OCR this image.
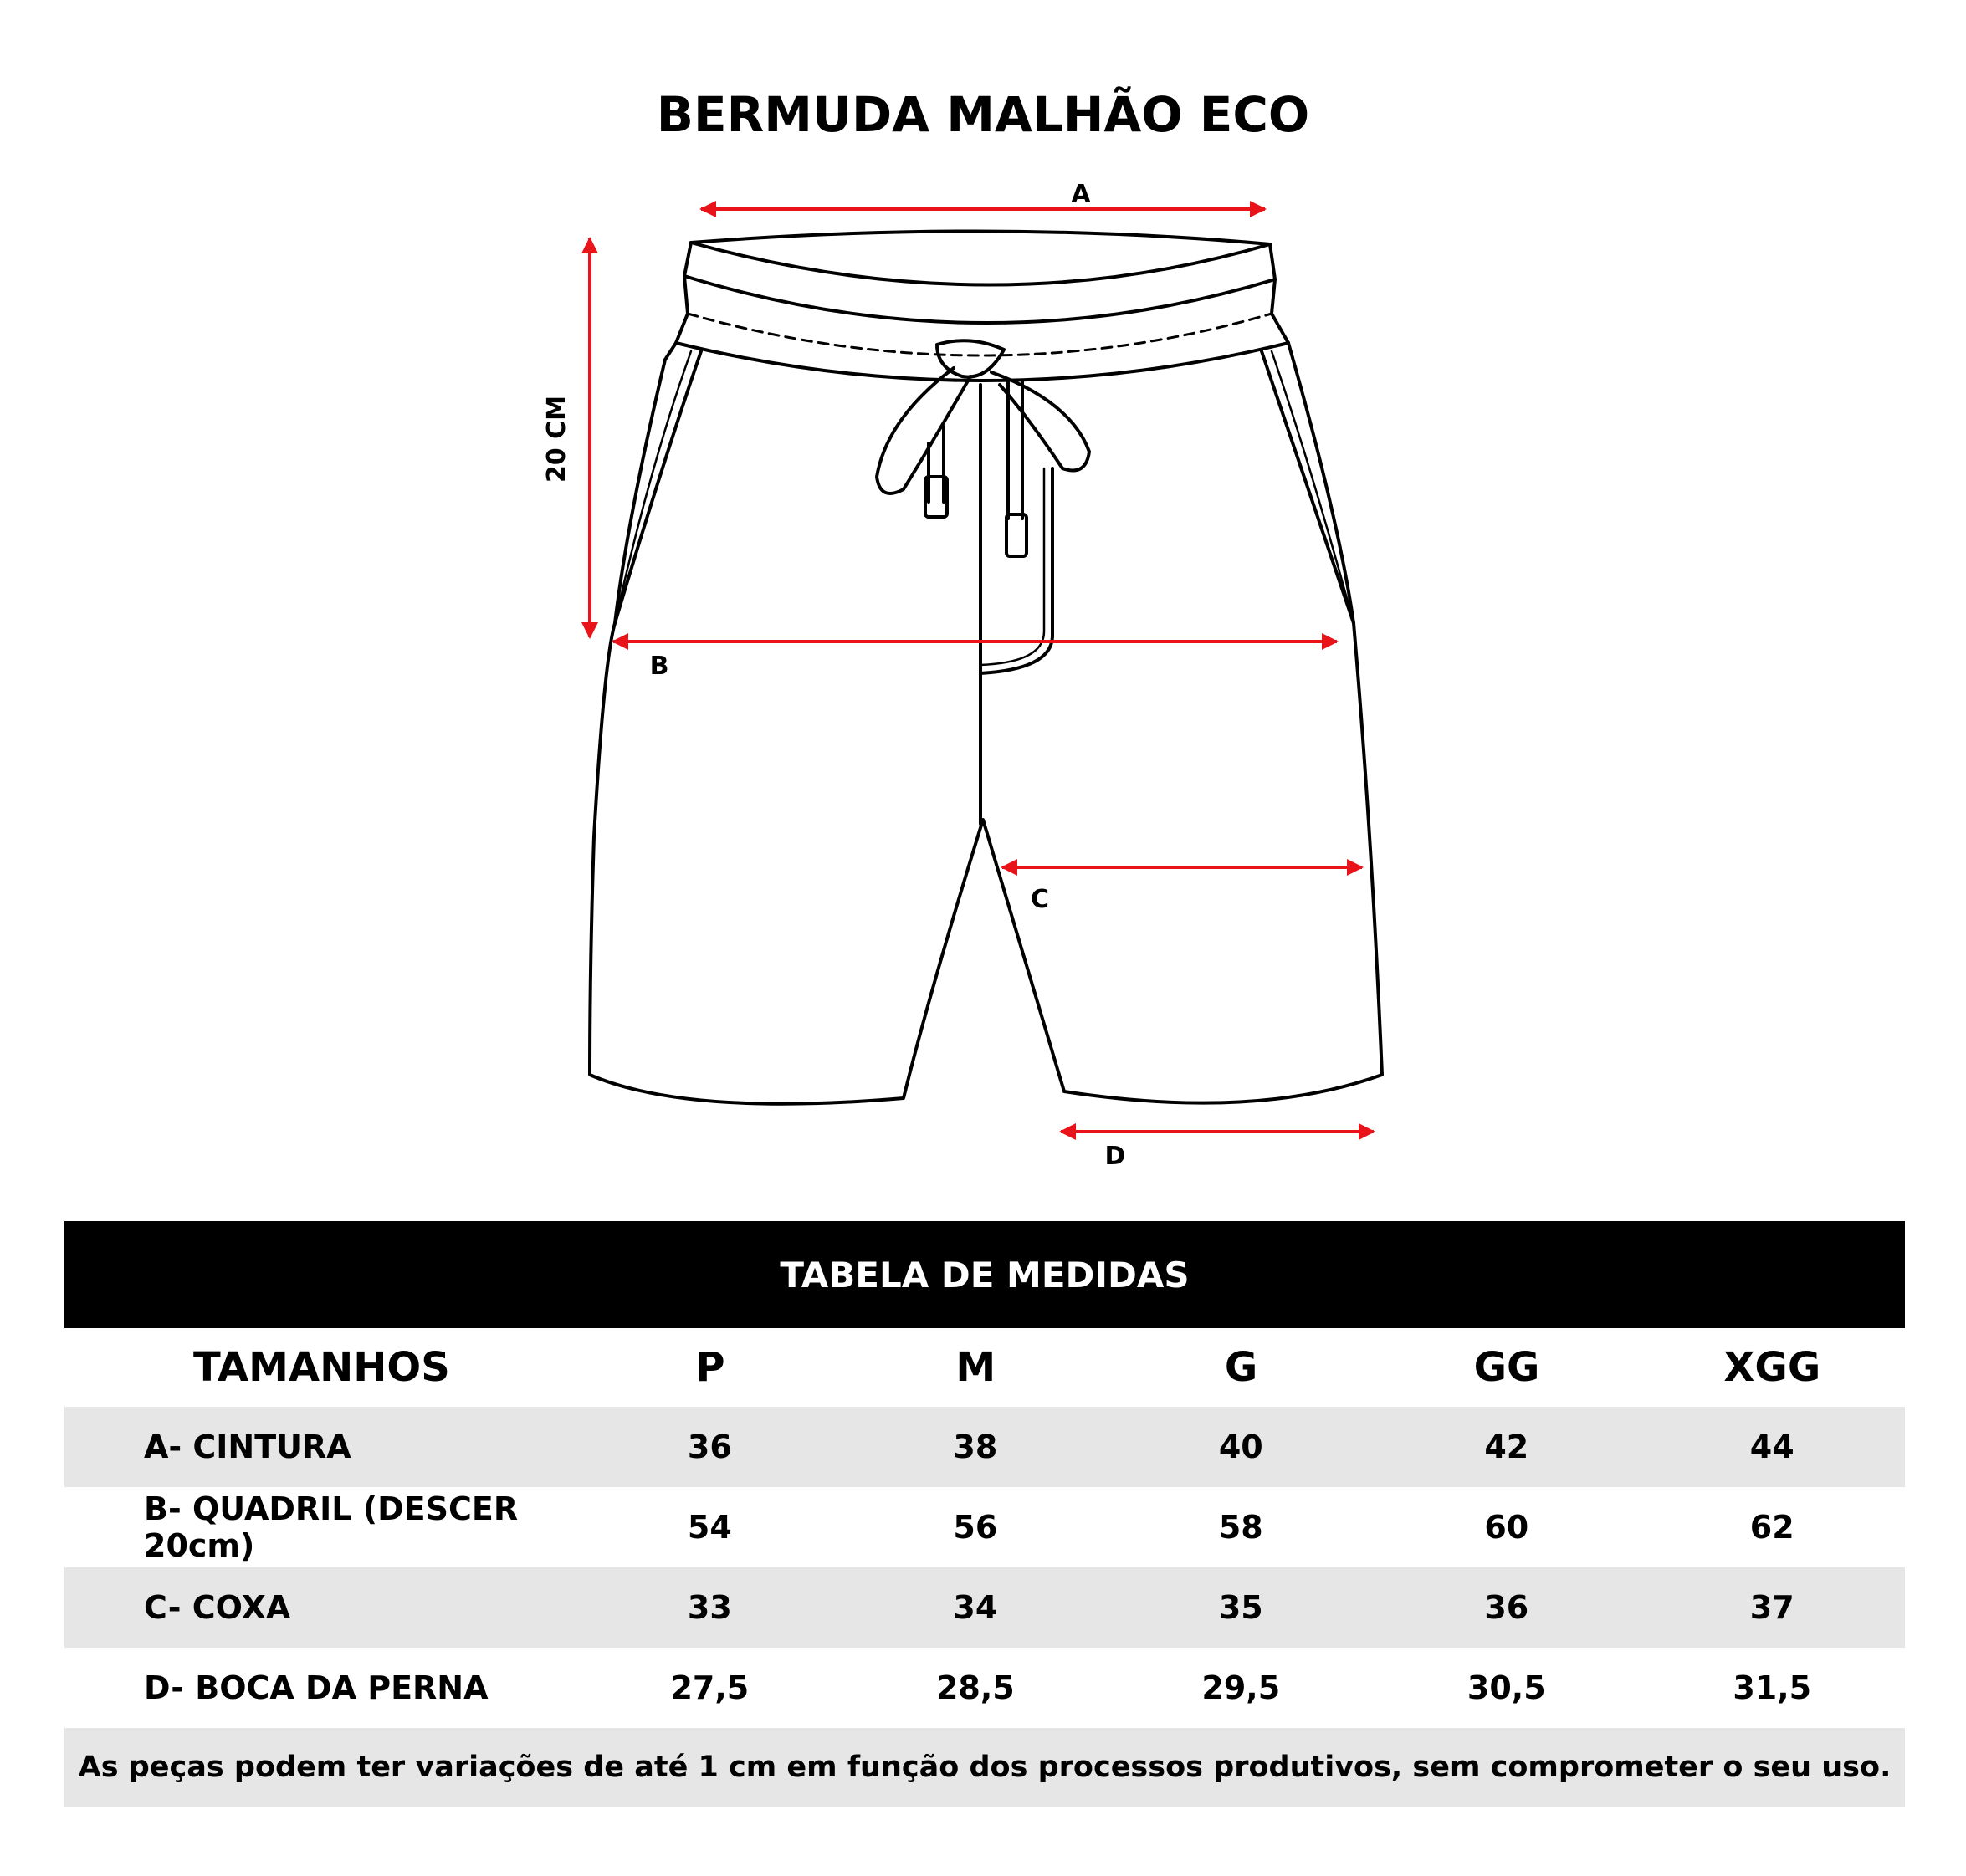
BERMUDA MALHÃO ECO
A
B
C
D
20 CM
TABELA DE MEDIDAS
TAMANHOS	P	M	G	GG	XGG
A- CINTURA	36	38	40	42	44
B- QUADRIL (DESCER 20cm)	54	56	58	60	62
C- COXA	33	34	35	36	37
D- BOCA DA PERNA	27,5	28,5	29,5	30,5	31,5
As peças podem ter variações de até 1 cm em função dos processos produtivos, sem comprometer o seu uso.
